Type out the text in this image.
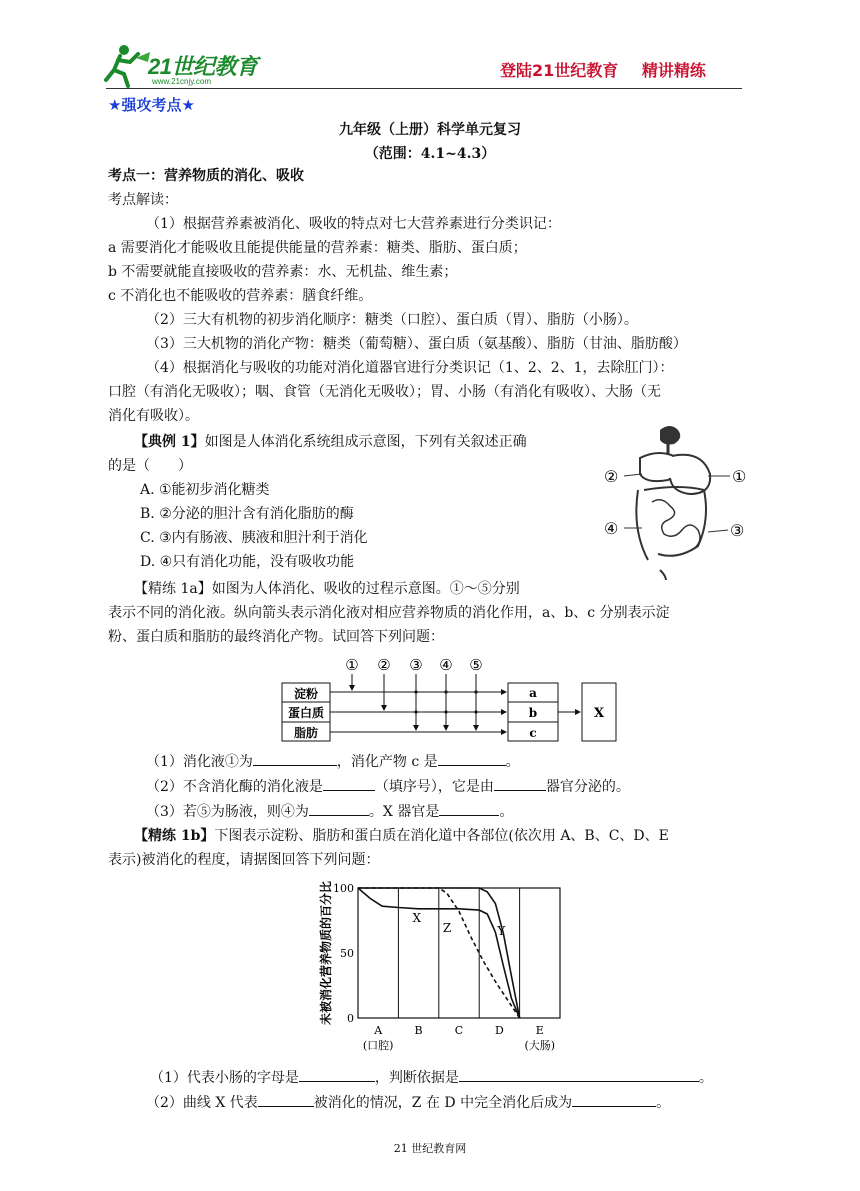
21世纪教育
www.21cnjy.com
登陆21世纪教育 精讲精练
★强攻考点★
九年级（上册）科学单元复习
（范围：4.1~4.3）
考点一：营养物质的消化、吸收
考点解读：
（1）根据营养素被消化、吸收的特点对七大营养素进行分类识记：
a 需要消化才能吸收且能提供能量的营养素：糖类、脂肪、蛋白质；
b 不需要就能直接吸收的营养素：水、无机盐、维生素；
c 不消化也不能吸收的营养素：膳食纤维。
（2）三大有机物的初步消化顺序：糖类（口腔）、蛋白质（胃）、脂肪（小肠）。
（3）三大机物的消化产物：糖类（葡萄糖）、蛋白质（氨基酸）、脂肪（甘油、脂肪酸）
（4）根据消化与吸收的功能对消化道器官进行分类识记（1、2、2、1，去除肛门）：
口腔（有消化无吸收）；咽、食管（无消化无吸收）；胃、小肠（有消化有吸收）、大肠（无
消化有吸收）。
【典例 1】如图是人体消化系统组成示意图，下列有关叙述正确
的是（　　）
A. ①能初步消化糖类
B. ②分泌的胆汁含有消化脂肪的酶
C. ③内有肠液、胰液和胆汁利于消化
D. ④只有消化功能，没有吸收功能
②	①
④	③
【精练 1a】如图为人体消化、吸收的过程示意图。①～⑤分别
表示不同的消化液。纵向箭头表示消化液对相应营养物质的消化作用，a、b、c 分别表示淀
粉、蛋白质和脂肪的最终消化产物。试回答下列问题：
淀粉
蛋白质
脂肪
a
b
c
X
① ② ③ ④ ⑤
（1）消化液①为	，消化产物 c 是	。
（2）不含消化酶的消化液是	（填序号），它是由	器官分泌的。
（3）若⑤为肠液，则④为	。X 器官是	。
【精练 1b】下图表示淀粉、脂肪和蛋白质在消化道中各部位(依次用 A、B、C、D、E
表示)被消化的程度，请据图回答下列问题：
100
50
0
未被消化营养物质的百分比
A
(口腔)
B	C	D	E
(大肠)
X
Y
Z
（1）代表小肠的字母是	，判断依据是	。
（2）曲线 X 代表	被消化的情况，Z 在 D 中完全消化后成为	。
21 世纪教育网
